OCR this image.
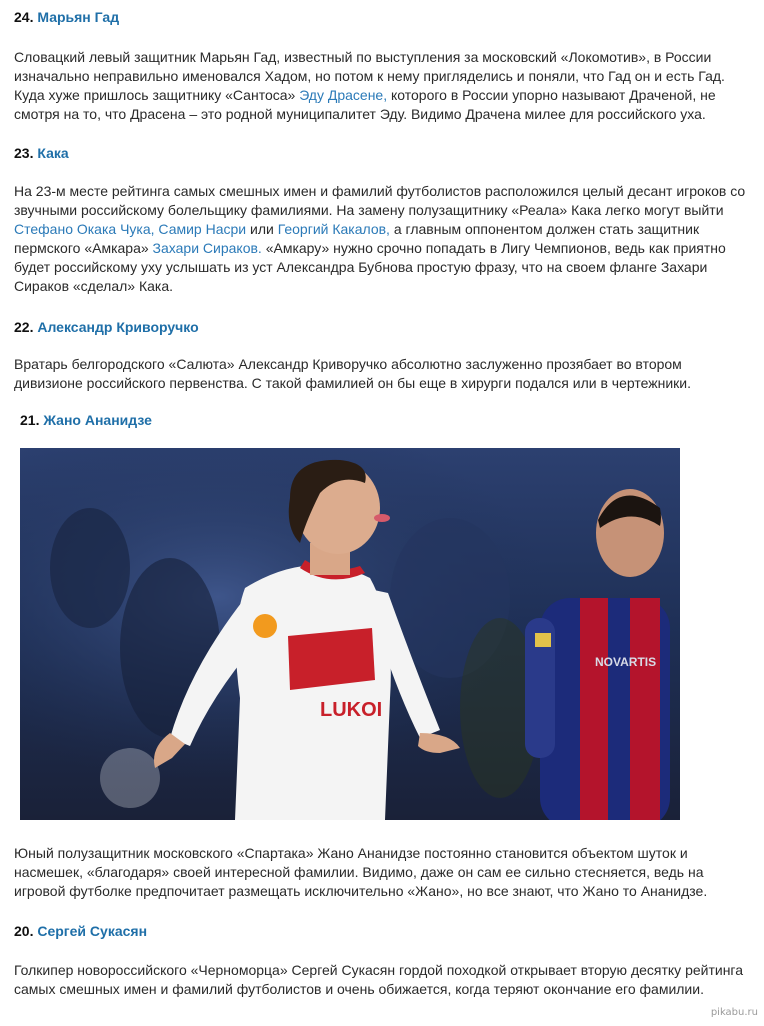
24. Марьян Гад
Словацкий левый защитник Марьян Гад, известный по выступления за московский «Локомотив», в России изначально неправильно именовался Хадом, но потом к нему пригляделись и поняли, что Гад он и есть Гад. Куда хуже пришлось защитнику «Сантоса» Эду Драсене, которого в России упорно называют Драченой, не смотря на то, что Драсена – это родной муниципалитет Эду. Видимо Драчена милее для российского уха.
23. Кака
На 23-м месте рейтинга самых смешных имен и фамилий футболистов расположился целый десант игроков со звучными российскому болельщику фамилиями. На замену полузащитнику «Реала» Кака легко могут выйти Стефано Окака Чука, Самир Насри или Георгий Какалов, а главным оппонентом должен стать защитник пермского «Амкара» Захари Сираков. «Амкару» нужно срочно попадать в Лигу Чемпионов, ведь как приятно будет российскому уху услышать из уст Александра Бубнова простую фразу, что на своем фланге Захари Сираков «сделал» Кака.
22. Александр Криворучко
Вратарь белгородского «Салюта» Александр Криворучко абсолютно заслуженно прозябает во втором дивизионе российского первенства. С такой фамилией он бы еще в хирурги подался или в чертежники.
21. Жано Ананидзе
NOVARTIS
LUKOI
Юный полузащитник московского «Спартака» Жано Ананидзе постоянно становится объектом шуток и насмешек, «благодаря» своей интересной фамилии. Видимо, даже он сам ее сильно стесняется, ведь на игровой футболке предпочитает размещать исключительно «Жано», но все знают, что Жано то Ананидзе.
20. Сергей Сукасян
Голкипер новороссийского «Черноморца» Сергей Сукасян гордой походкой открывает вторую десятку рейтинга самых смешных имен и фамилий футболистов и очень обижается, когда теряют окончание его фамилии.
pikabu.ru
